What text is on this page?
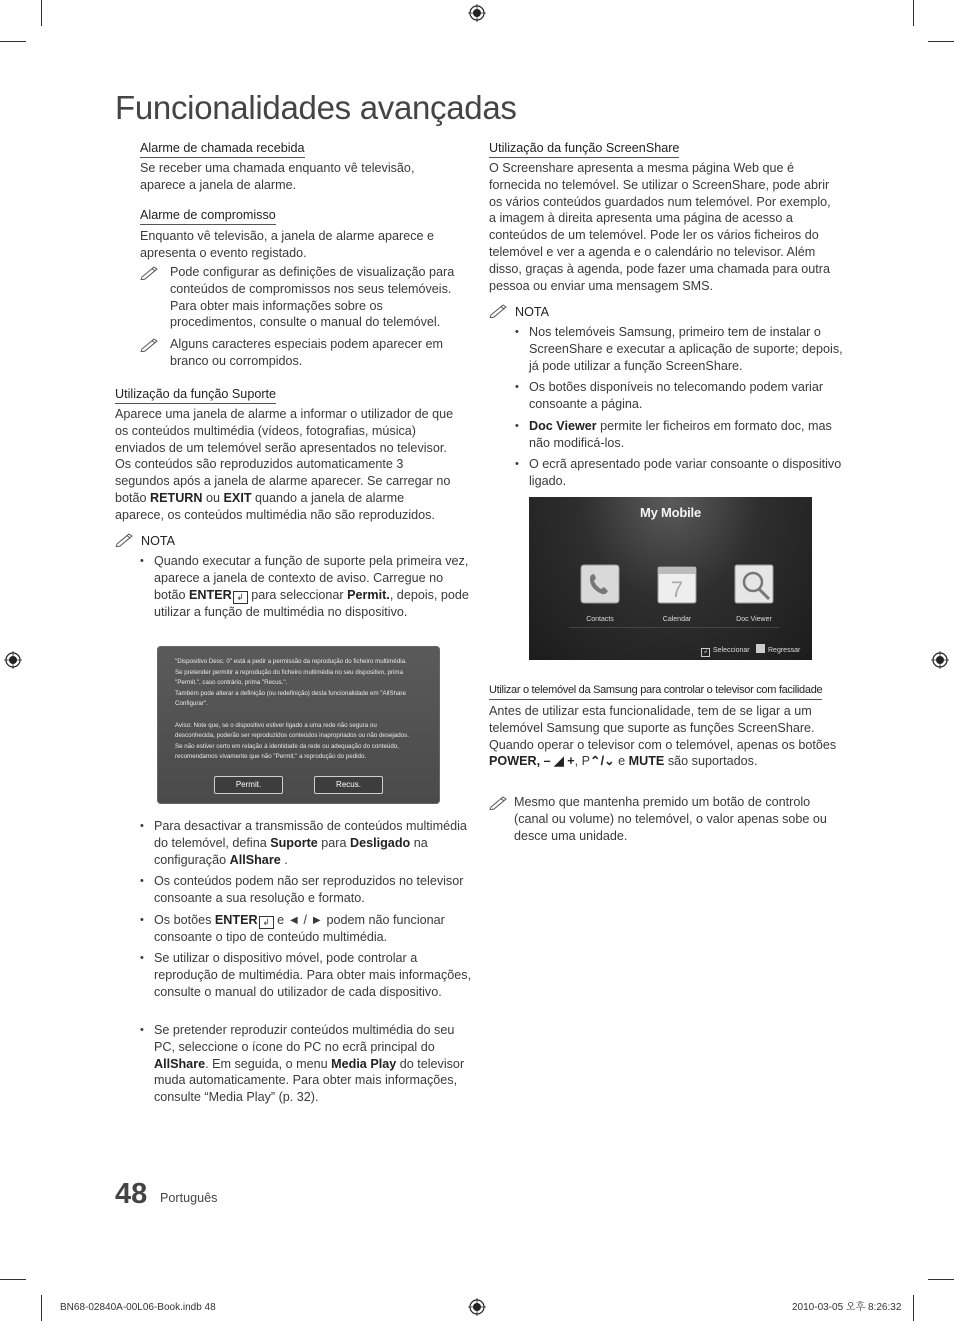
Funcionalidades avançadas
Alarme de chamada recebida

Se receber uma chamada enquanto vê televisão, aparece a janela de alarme.

Alarme de compromisso

Enquanto vê televisão, a janela de alarme aparece e apresenta o evento registado.

Pode configurar as definições de visualização para conteúdos de compromissos nos seus telemóveis. Para obter mais informações sobre os procedimentos, consulte o manual do telemóvel.
Alguns caracteres especiais podem aparecer em branco ou corrompidos.
Utilização da função Suporte

Aparece uma janela de alarme a informar o utilizador de que os conteúdos multimédia (vídeos, fotografias, música) enviados de um telemóvel serão apresentados no televisor. Os conteúdos são reproduzidos automaticamente 3 segundos após a janela de alarme aparecer. Se carregar no botão RETURN ou EXIT quando a janela de alarme aparece, os conteúdos multimédia não são reproduzidos.

NOTA
• Quando executar a função de suporte pela primeira vez, aparece a janela de contexto de aviso. Carregue no botão ENTER ↲ para seleccionar Permit., depois, pode utilizar a função de multimédia no dispositivo.
"Dispositivo Desc. 0" está a pedir a permissão da reprodução do ficheiro multimédia.
Se pretender permitir a reprodução do ficheiro multimédia no seu dispositivo, prima
"Permit.", caso contrário, prima "Recus.".
Também pode alterar a definição (ou redefinição) desta funcionalidade em "AllShare
Configurar".

Aviso: Note que, se o dispositivo estiver ligado a uma rede não segura ou
desconhecida, poderão ser reproduzidos conteúdos inapropriados ou não desejados.
Se não estiver certo em relação à identidade da rede ou adequação do conteúdo,
recomendamos vivamente que não "Permit." a reprodução do pedido.
Permit.	Recus.
• Para desactivar a transmissão de conteúdos multimédia do telemóvel, defina Suporte para Desligado na configuração AllShare .
• Os conteúdos podem não ser reproduzidos no televisor consoante a sua resolução e formato.
• Os botões ENTER ↲ e ◄ / ► podem não funcionar consoante o tipo de conteúdo multimédia.
• Se utilizar o dispositivo móvel, pode controlar a reprodução de multimédia. Para obter mais informações, consulte o manual do utilizador de cada dispositivo.
• Se pretender reproduzir conteúdos multimédia do seu PC, seleccione o ícone do PC no ecrã principal do AllShare. Em seguida, o menu Media Play do televisor muda automaticamente. Para obter mais informações, consulte “Media Play” (p. 32).
Utilização da função ScreenShare

O Screenshare apresenta a mesma página Web que é fornecida no telemóvel. Se utilizar o ScreenShare, pode abrir os vários conteúdos guardados num telemóvel. Por exemplo, a imagem à direita apresenta uma página de acesso a conteúdos de um telemóvel. Pode ler os vários ficheiros do telemóvel e ver a agenda e o calendário no televisor. Além disso, graças à agenda, pode fazer uma chamada para outra pessoa ou enviar uma mensagem SMS.

NOTA
• Nos telemóveis Samsung, primeiro tem de instalar o ScreenShare e executar a aplicação de suporte; depois, já pode utilizar a função ScreenShare.
• Os botões disponíveis no telecomando podem variar consoante a página.
• Doc Viewer permite ler ficheiros em formato doc, mas não modificá-los.
• O ecrã apresentado pode variar consoante o dispositivo ligado.
My Mobile
7
Contacts	Calendar	Doc Viewer
↲ Seleccionar	Regressar
Utilizar o telemóvel da Samsung para controlar o televisor com facilidade

Antes de utilizar esta funcionalidade, tem de se ligar a um telemóvel Samsung que suporte as funções ScreenShare. Quando operar o televisor com o telemóvel, apenas os botões POWER, – ◢ +, P⌃/⌄ e MUTE são suportados.

Mesmo que mantenha premido um botão de controlo (canal ou volume) no telemóvel, o valor apenas sobe ou desce uma unidade.
48 Português
BN68-02840A-00L06-Book.indb 48	2010-03-05 오후 8:26:32
